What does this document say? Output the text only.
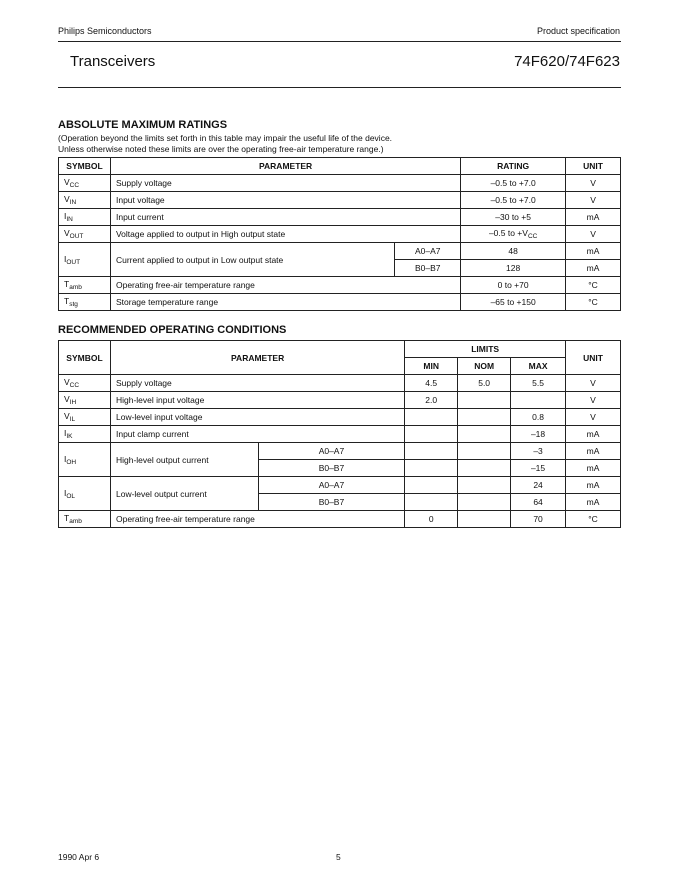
Philips Semiconductors	Product specification
Transceivers	74F620/74F623
ABSOLUTE MAXIMUM RATINGS
(Operation beyond the limits set forth in this table may impair the useful life of the device.
Unless otherwise noted these limits are over the operating free-air temperature range.)
SYMBOL	PARAMETER		RATING	UNIT
$V_{CC}$	Supply voltage		–0.5 to +7.0	V
$V_{IN}$	Input voltage		–0.5 to +7.0	V
$I_{IN}$	Input current		–30 to +5	mA
$V_{OUT}$	Voltage applied to output in High output state		–0.5 to $+V_{CC}$	V
$I_{OUT}$	Current applied to output in Low output state	A0–A7	48	mA
		B0–B7	128	mA
$T_{amb}$	Operating free-air temperature range		0 to +70	°C
$T_{stg}$	Storage temperature range		–65 to +150	°C
RECOMMENDED OPERATING CONDITIONS
SYMBOL	PARAMETER		LIMITS			UNIT
			MIN	NOM	MAX	
$V_{CC}$	Supply voltage		4.5	5.0	5.5	V
$V_{IH}$	High-level input voltage		2.0			V
$V_{IL}$	Low-level input voltage				0.8	V
$I_{IK}$	Input clamp current				–18	mA
$I_{OH}$	High-level output current	A0–A7			–3	mA
		B0–B7			–15	mA
$I_{OL}$	Low-level output current	A0–A7			24	mA
		B0–B7			64	mA
$T_{amb}$	Operating free-air temperature range		0		70	°C
1990 Apr 6	5
